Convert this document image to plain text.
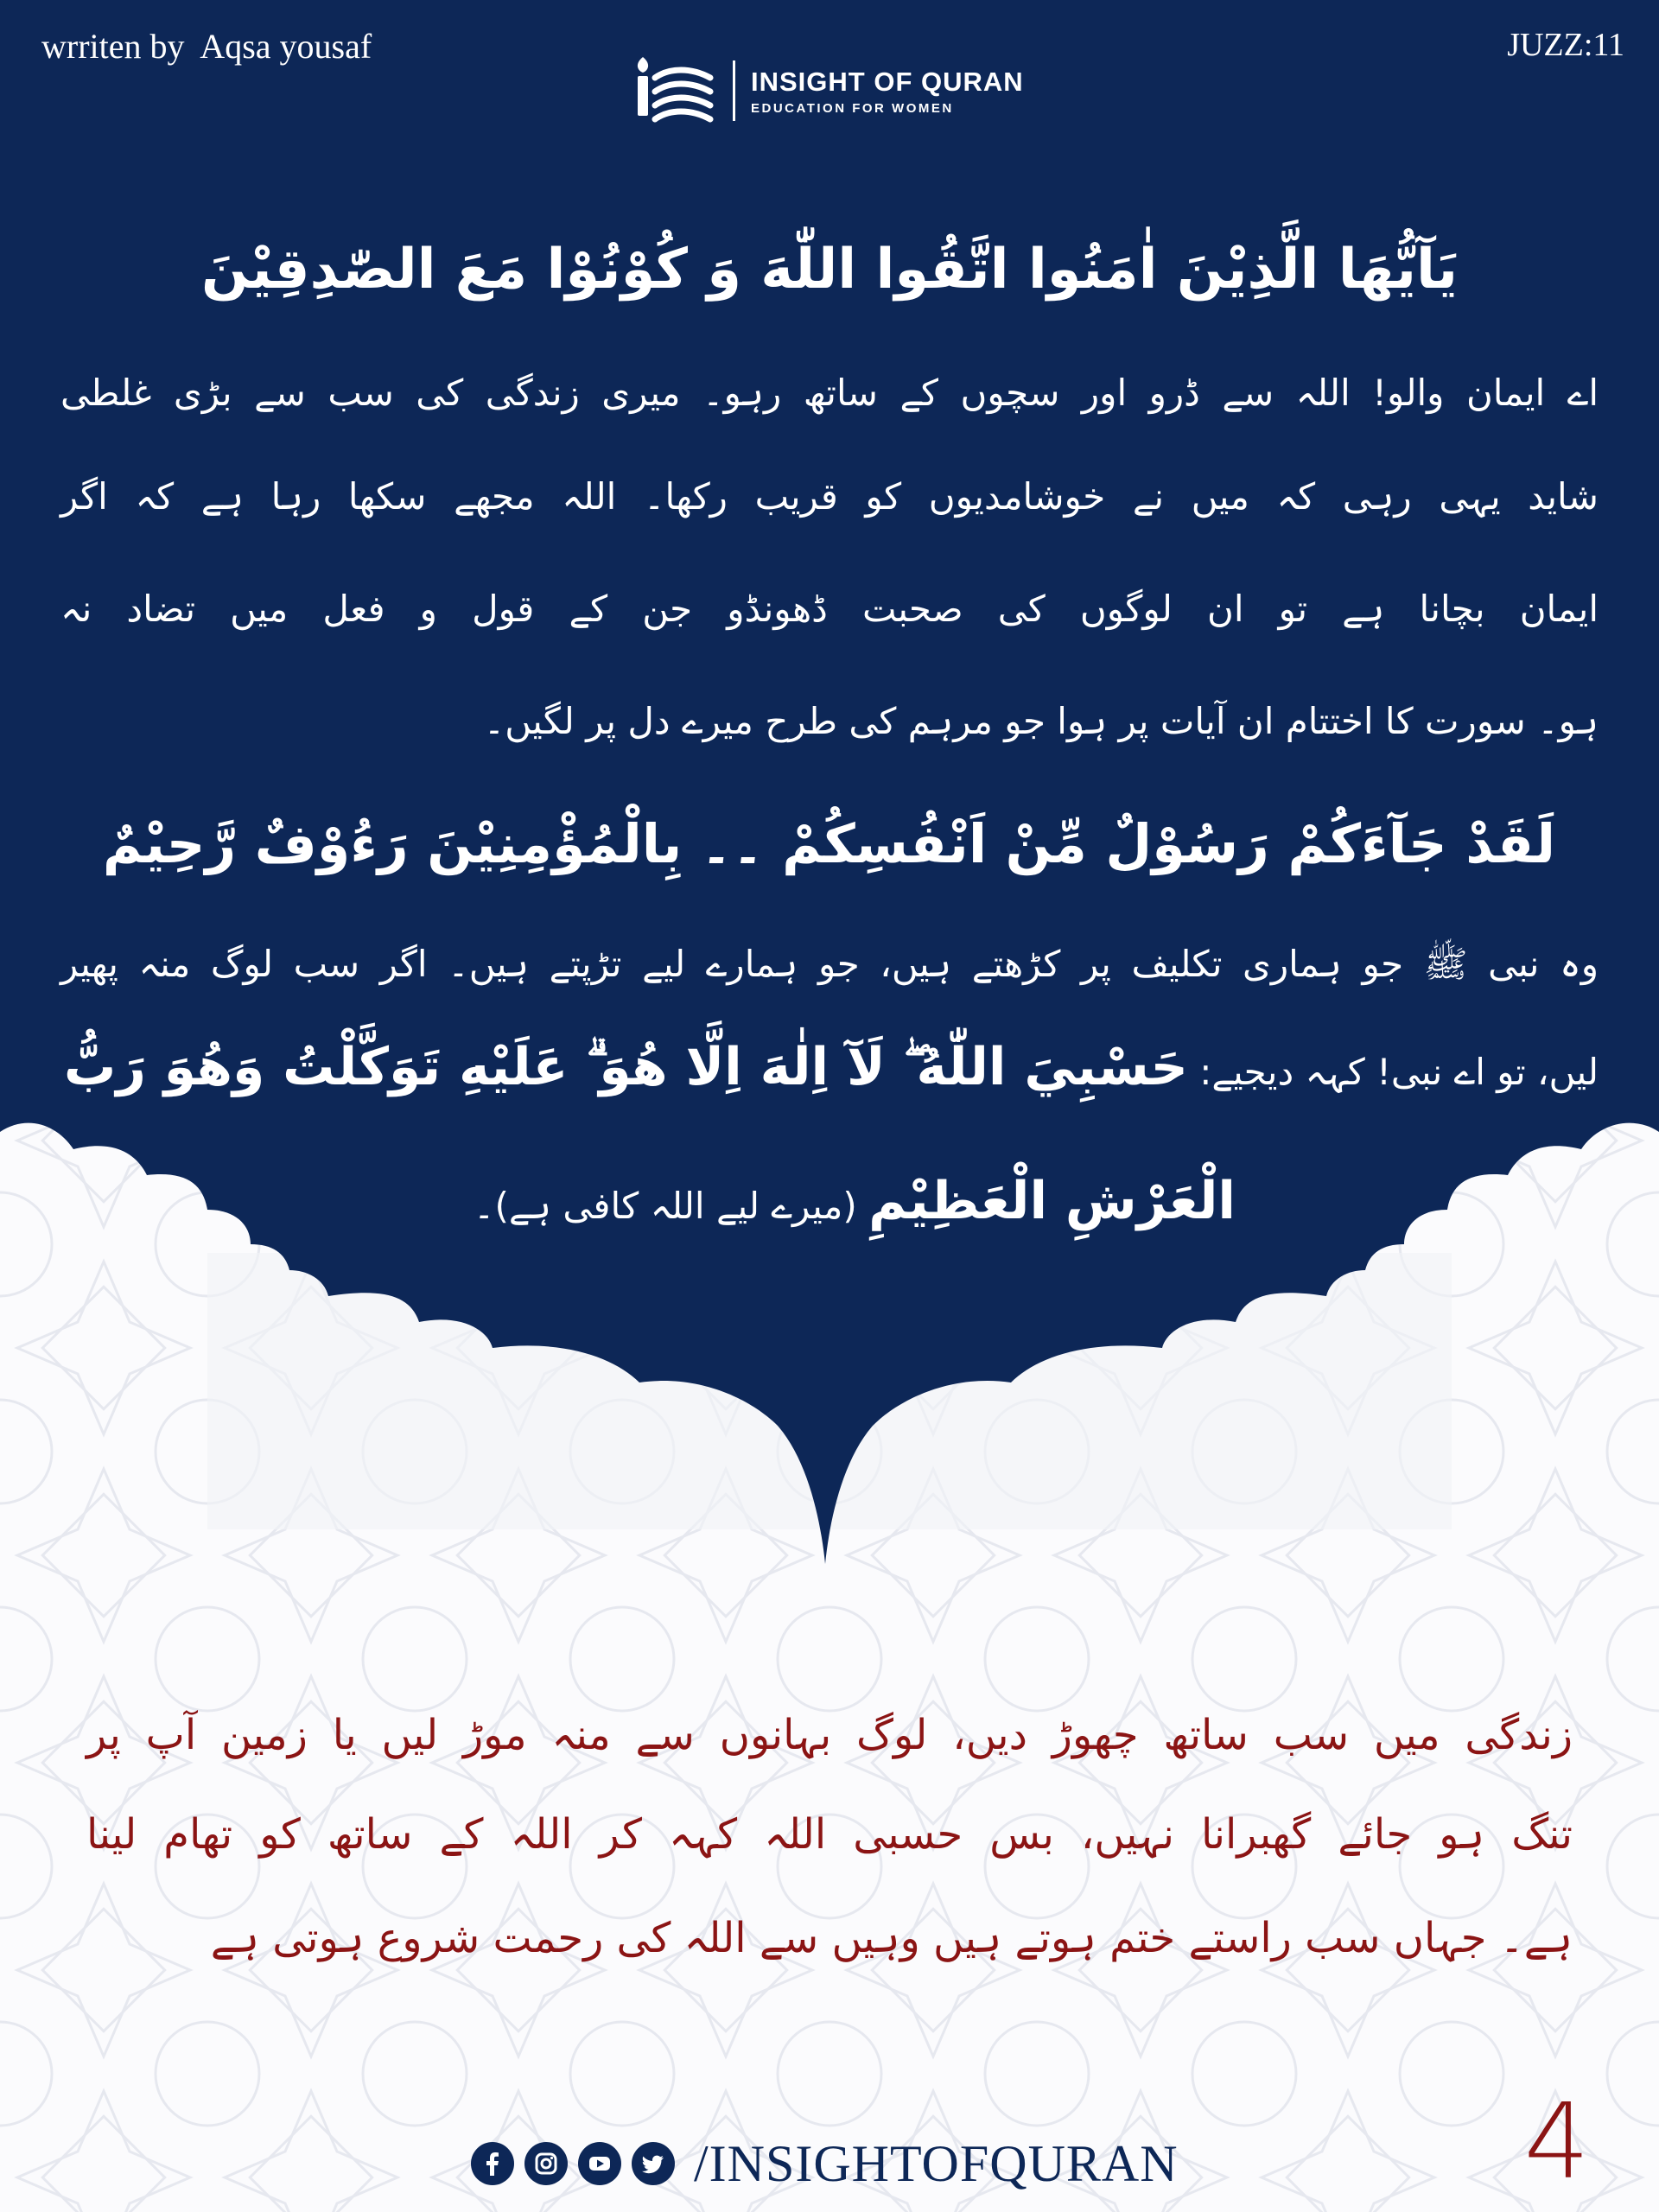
wrriten by  Aqsa yousaf	JUZZ:11
INSIGHT OF QURAN
EDUCATION FOR WOMEN
يَآيُّهَا الَّذِيْنَ اٰمَنُوا اتَّقُوا اللّٰهَ وَ كُوْنُوْا مَعَ الصّٰدِقِيْنَ
اے ایمان والو! اللہ سے ڈرو اور سچوں کے ساتھ رہو۔ میری زندگی کی سب سے بڑی غلطی
شاید یہی رہی کہ میں نے خوشامدیوں کو قریب رکھا۔ اللہ مجھے سکھا رہا ہے کہ اگر
ایمان بچانا ہے تو ان لوگوں کی صحبت ڈھونڈو جن کے قول و فعل میں تضاد نہ
ہو۔ سورت کا اختتام ان آیات پر ہوا جو مرہم کی طرح میرے دل پر لگیں۔
لَقَدْ جَآءَكُمْ رَسُوْلٌ مِّنْ اَنْفُسِكُمْ ۔۔ بِالْمُؤْمِنِيْنَ رَءُوْفٌ رَّحِيْمٌ
وہ نبی ﷺ جو ہماری تکلیف پر کڑھتے ہیں، جو ہمارے لیے تڑپتے ہیں۔ اگر سب لوگ منہ پھیر
لیں، تو اے نبی! کہہ دیجیے: حَسْبِيَ اللّٰهُ ۖ لَآ اِلٰهَ اِلَّا هُوَ ۗ عَلَيْهِ تَوَكَّلْتُ وَهُوَ رَبُّ
الْعَرْشِ الْعَظِيْمِ (میرے لیے اللہ کافی ہے)۔
زندگی میں سب ساتھ چھوڑ دیں، لوگ بہانوں سے منہ موڑ لیں یا زمین آپ پر
تنگ ہو جائے گھبرانا نہیں، بس حسبی اللہ کہہ کر اللہ کے ساتھ کو تھام لینا
ہے۔ جہاں سب راستے ختم ہوتے ہیں وہیں سے اللہ کی رحمت شروع ہوتی ہے
/INSIGHTOFQURAN	4
